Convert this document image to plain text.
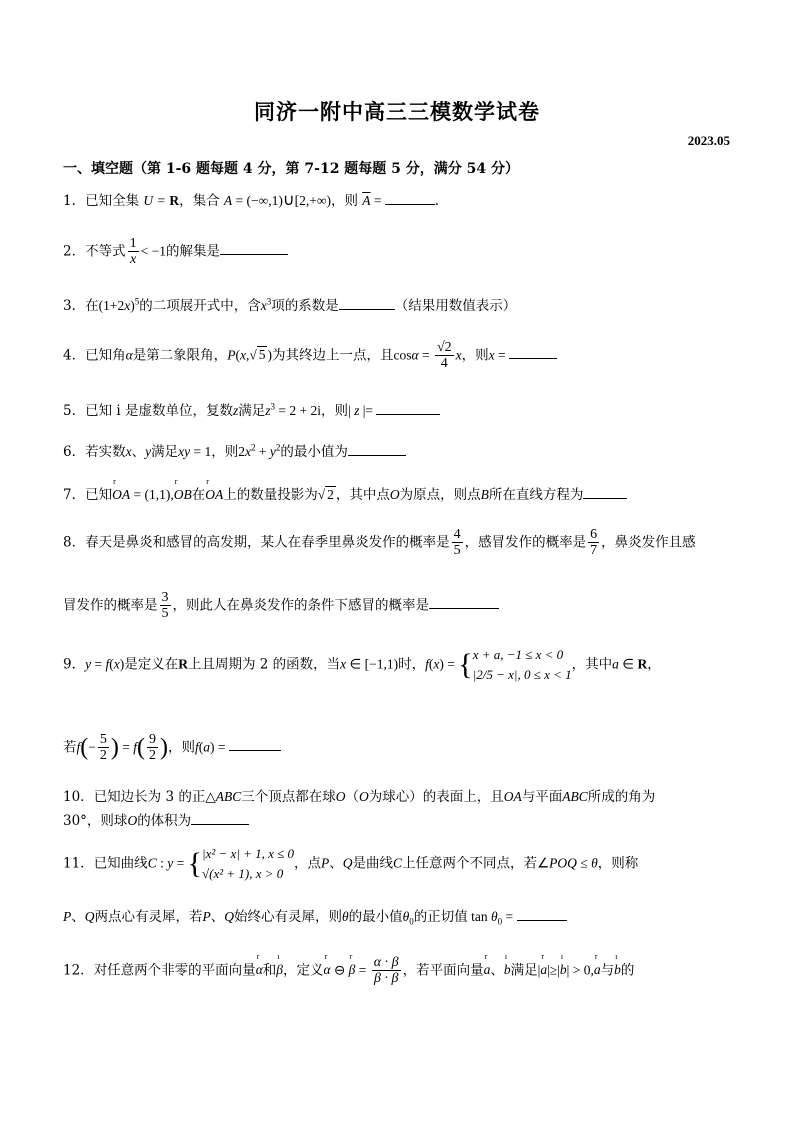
同济一附中高三三模数学试卷
2023.05
一、填空题（第 1-6 题每题 4 分，第 7-12 题每题 5 分，满分 54 分）
1．已知全集 U = R，集合 A = (−∞,1)∪[2,+∞)，则 $\overline{A}$ =	．
2．不等式 $\frac{1}{x} < -1$的解集是
3．在$(1+2x)^5$的二项展开式中，含$x^3$项的系数是	（结果用数值表示）
4．已知角α是第二象限角，P(x,√ 5 )为其终边上一点，且$\cos\alpha = \frac{√2}{4}$ x，则x =
5．已知 i 是虚数单位，复数z满足$z^3 = 2 + 2i$，则| z |=
6．若实数x、y满足xy = 1，则$2x^2 + y^2$的最小值为
7．已知r OA = (1,1),r OB在r OA上的数量投影为√ 2 ，其中点O为原点，则点B所在直线方程为
8．春天是鼻炎和感冒的高发期，某人在春季里鼻炎发作的概率是 $\frac{4}{5}$ ，感冒发作的概率是 $\frac{6}{7}$ ，鼻炎发作且感
冒发作的概率是 $\frac{3}{5}$ ，则此人在鼻炎发作的条件下感冒的概率是
9．y = f(x)是定义在R上且周期为 2 的函数，当x ∈ [−1,1)时，f(x) = { x + a, −1 ≤ x < 0
|2/5 − x|, 0 ≤ x < 1
，其中a ∈ R，
若$f(- \frac{5}{2}$ ) = $f( \frac{9}{2}$ )，则f(a) =
10．已知边长为 3 的正△ABC三个顶点都在球O（O为球心）的表面上，且OA与平面ABC所成的角为
30°，则球O的体积为
11．已知曲线C : y = { |x² − x| + 1, x ≤ 0
√(x² + 1), x > 0
，点P、Q是曲线C上任意两个不同点，若∠POQ ≤ θ，则称
P、Q两点心有灵犀，若P、Q始终心有灵犀，则θ的最小值$\theta_0$的正切值 $\tan \theta_0$ =
12．对任意两个非零的平面向量r α和ı β，定义r α ⊖ r $\beta = \frac{\alpha \cdot \beta}{\beta \cdot \beta}$ ，若平面向量r a、ı b满足|r a|≥|ı b| > 0,r a与ı b的
